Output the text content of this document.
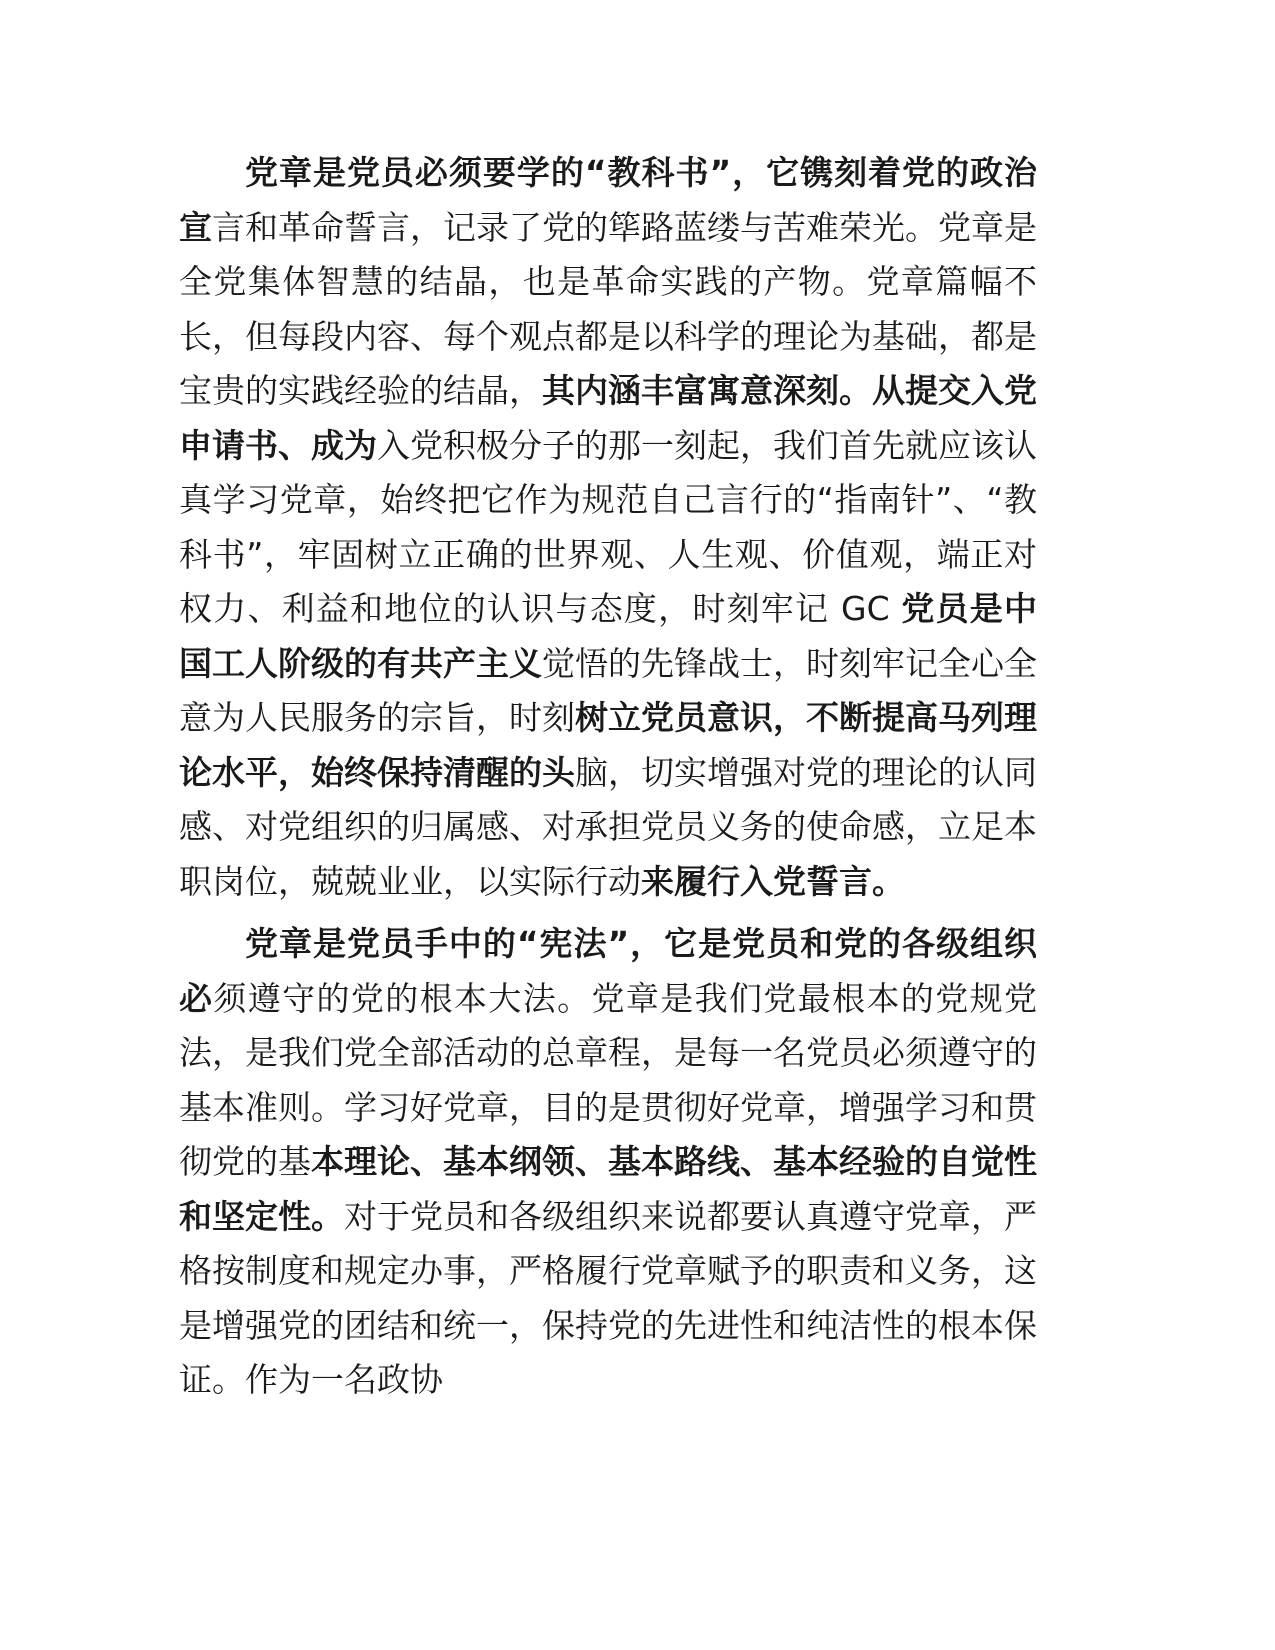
党章是党员必须要学的“教科书”，它镌刻着党的政治宣言和革命誓言，记录了党的筚路蓝缕与苦难荣光。党章是全党集体智慧的结晶，也是革命实践的产物。党章篇幅不长，但每段内容、每个观点都是以科学的理论为基础，都是宝贵的实践经验的结晶，其内涵丰富寓意深刻。从提交入党申请书、成为入党积极分子的那一刻起，我们首先就应该认真学习党章，始终把它作为规范自己言行的“指南针”、“教科书”，牢固树立正确的世界观、人生观、价值观，端正对权力、利益和地位的认识与态度，时刻牢记 GC 党员是中国工人阶级的有共产主义觉悟的先锋战士，时刻牢记全心全意为人民服务的宗旨，时刻树立党员意识，不断提高马列理论水平，始终保持清醒的头脑，切实增强对党的理论的认同感、对党组织的归属感、对承担党员义务的使命感，立足本职岗位，兢兢业业，以实际行动来履行入党誓言。

党章是党员手中的“宪法”，它是党员和党的各级组织必须遵守的党的根本大法。党章是我们党最根本的党规党法，是我们党全部活动的总章程，是每一名党员必须遵守的基本准则。学习好党章，目的是贯彻好党章，增强学习和贯彻党的基本理论、基本纲领、基本路线、基本经验的自觉性和坚定性。对于党员和各级组织来说都要认真遵守党章，严格按制度和规定办事，严格履行党章赋予的职责和义务，这是增强党的团结和统一，保持党的先进性和纯洁性的根本保证。作为一名政协
